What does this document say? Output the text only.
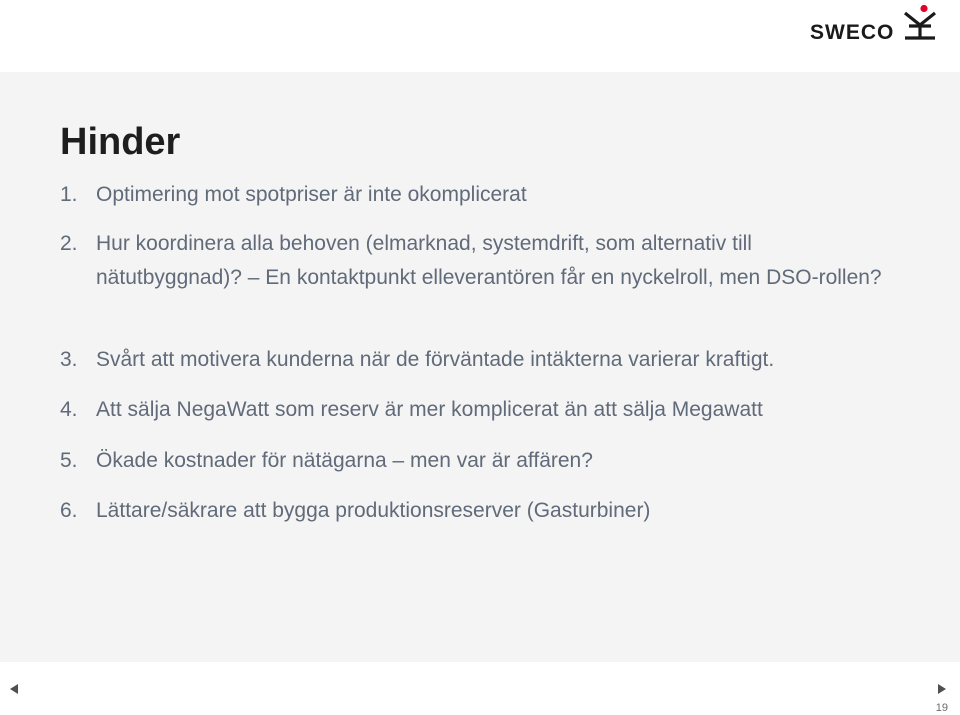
SWECO
Hinder
1. Optimering mot spotpriser är inte okomplicerat
2. Hur koordinera alla behoven (elmarknad, systemdrift, som alternativ till nätutbyggnad)? – En kontaktpunkt elleverantören får en nyckelroll, men DSO-rollen?
3. Svårt att motivera kunderna när de förväntade intäkterna varierar kraftigt.
4. Att sälja NegaWatt som reserv är mer komplicerat än att sälja Megawatt
5. Ökade kostnader för nätägarna – men var är affären?
6. Lättare/säkrare att bygga produktionsreserver (Gasturbiner)
19
